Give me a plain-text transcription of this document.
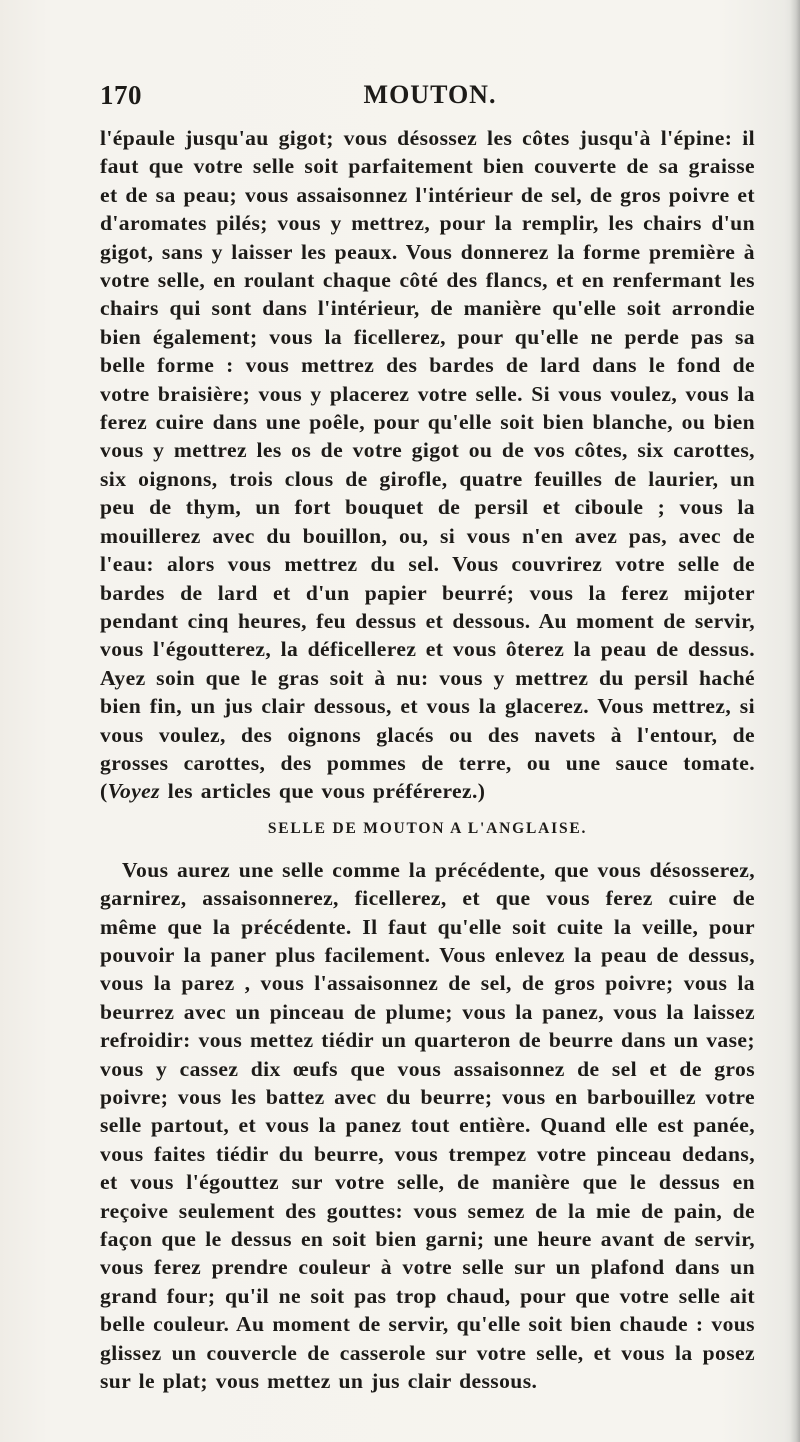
170	MOUTON.

l'épaule jusqu'au gigot; vous désossez les côtes jusqu'à l'épine: il faut que votre selle soit parfaitement bien couverte de sa graisse et de sa peau; vous assaisonnez l'intérieur de sel, de gros poivre et d'aromates pilés; vous y mettrez, pour la remplir, les chairs d'un gigot, sans y laisser les peaux. Vous donnerez la forme première à votre selle, en roulant chaque côté des flancs, et en renfermant les chairs qui sont dans l'intérieur, de manière qu'elle soit arrondie bien également; vous la ficellerez, pour qu'elle ne perde pas sa belle forme : vous mettrez des bardes de lard dans le fond de votre braisière; vous y placerez votre selle. Si vous voulez, vous la ferez cuire dans une poêle, pour qu'elle soit bien blanche, ou bien vous y mettrez les os de votre gigot ou de vos côtes, six carottes, six oignons, trois clous de girofle, quatre feuilles de laurier, un peu de thym, un fort bouquet de persil et ciboule ; vous la mouillerez avec du bouillon, ou, si vous n'en avez pas, avec de l'eau: alors vous mettrez du sel. Vous couvrirez votre selle de bardes de lard et d'un papier beurré; vous la ferez mijoter pendant cinq heures, feu dessus et dessous. Au moment de servir, vous l'égoutterez, la déficellerez et vous ôterez la peau de dessus. Ayez soin que le gras soit à nu: vous y mettrez du persil haché bien fin, un jus clair dessous, et vous la glacerez. Vous mettrez, si vous voulez, des oignons glacés ou des navets à l'entour, de grosses carottes, des pommes de terre, ou une sauce tomate. (Voyez les articles que vous préférerez.)

SELLE DE MOUTON A L'ANGLAISE.

Vous aurez une selle comme la précédente, que vous désosserez, garnirez, assaisonnerez, ficellerez, et que vous ferez cuire de même que la précédente. Il faut qu'elle soit cuite la veille, pour pouvoir la paner plus facilement. Vous enlevez la peau de dessus, vous la parez , vous l'assaisonnez de sel, de gros poivre; vous la beurrez avec un pinceau de plume; vous la panez, vous la laissez refroidir: vous mettez tiédir un quarteron de beurre dans un vase; vous y cassez dix œufs que vous assaisonnez de sel et de gros poivre; vous les battez avec du beurre; vous en barbouillez votre selle partout, et vous la panez tout entière. Quand elle est panée, vous faites tiédir du beurre, vous trempez votre pinceau dedans, et vous l'égouttez sur votre selle, de manière que le dessus en reçoive seulement des gouttes: vous semez de la mie de pain, de façon que le dessus en soit bien garni; une heure avant de servir, vous ferez prendre couleur à votre selle sur un plafond dans un grand four; qu'il ne soit pas trop chaud, pour que votre selle ait belle couleur. Au moment de servir, qu'elle soit bien chaude : vous glissez un couvercle de casserole sur votre selle, et vous la posez sur le plat; vous mettez un jus clair dessous.
